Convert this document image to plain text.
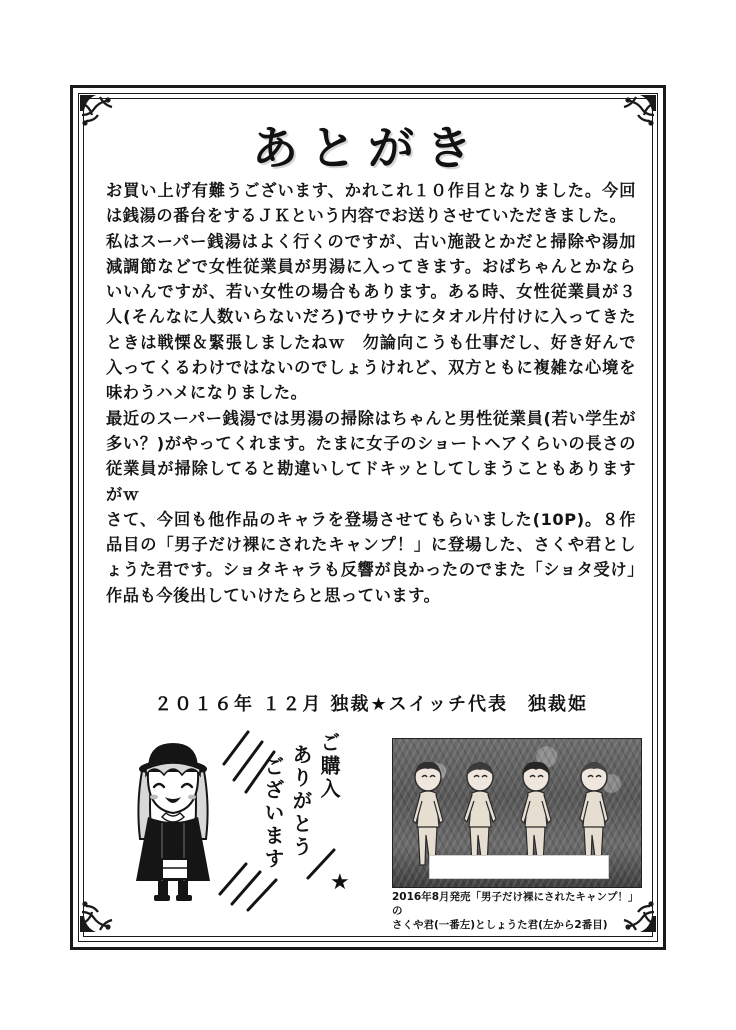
あとがき

お買い上げ有難うございます、かれこれ１０作目となりました。今回は銭湯の番台をするＪＫという内容でお送りさせていただきました。

私はスーパー銭湯はよく行くのですが、古い施設とかだと掃除や湯加減調節などで女性従業員が男湯に入ってきます。おばちゃんとかならいいんですが、若い女性の場合もあります。ある時、女性従業員が３人(そんなに人数いらないだろ)でサウナにタオル片付けに入ってきたときは戦慄＆緊張しましたねｗ　勿論向こうも仕事だし、好き好んで入ってくるわけではないのでしょうけれど、双方ともに複雑な心境を味わうハメになりました。

最近のスーパー銭湯では男湯の掃除はちゃんと男性従業員(若い学生が多い？)がやってくれます。たまに女子のショートヘアくらいの長さの従業員が掃除してると勘違いしてドキッとしてしまうこともありますがｗ

さて、今回も他作品のキャラを登場させてもらいました(10P)。８作品目の「男子だけ裸にされたキャンプ！」に登場した、さくや君としょうた君です。ショタキャラも反響が良かったのでまた「ショタ受け」作品も今後出していけたらと思っています。

２０１６年 １２月 独裁★スイッチ代表　独裁姫
ご購入
ありがとう
ございます
★
2016年8月発売「男子だけ裸にされたキャンプ！」の
さくや君(一番左)としょうた君(左から2番目)
